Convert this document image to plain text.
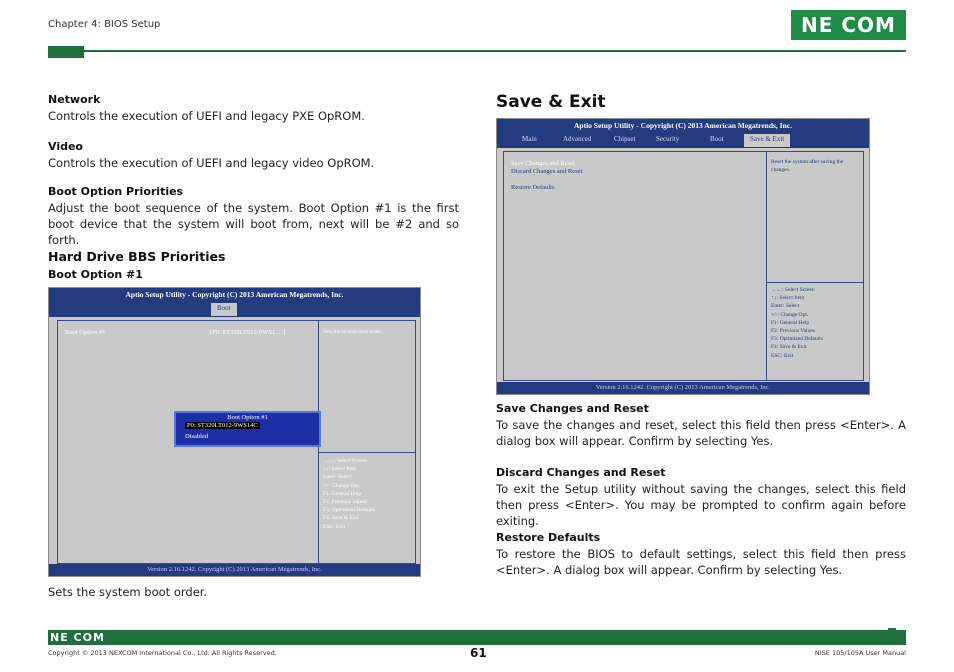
Chapter 4: BIOS Setup	NE COM
Network
Controls the execution of UEFI and legacy PXE OpROM.
Video
Controls the execution of UEFI and legacy video OpROM.
Boot Option Priorities
Adjust the boot sequence of the system. Boot Option #1 is the first boot device that the system will boot from, next will be #2 and so forth.
Hard Drive BBS Priorities
Boot Option #1
Aptio Setup Utility - Copyright (C) 2013 American Megatrends, Inc.
Boot
Boot Option #1	[P0: ST320LT012-9WS1. . .]	Sets the system boot order
→←: Select Screen
↑↓: Select Item
Enter: Select
+/-: Change Opt.
F1: General Help
F2: Previous Values
F3: Optimized Defaults
F4: Save & Exit
ESC: Exit
Boot Option #1
P0: ST320LT012-9WS14C
Disabled
Version 2.16.1242. Copyright (C) 2013 American Megatrends, Inc.
Sets the system boot order.
Save & Exit
Aptio Setup Utility - Copyright (C) 2013 American Megatrends, Inc.
Main	Advanced	Chipset	Security	Boot	Save & Exit
Save Changes and Reset
Discard Changes and Reset
Restore Defaults
Reset the system after saving the changes.
→←: Select Screen
↑↓: Select Item
Enter: Select
+/-: Change Opt.
F1: General Help
F2: Previous Values
F3: Optimized Defaults
F4: Save & Exit
ESC: Exit
Version 2.16.1242. Copyright (C) 2013 American Megatrends, Inc.
Save Changes and Reset
To save the changes and reset, select this field then press <Enter>. A dialog box will appear. Confirm by selecting Yes.
Discard Changes and Reset
To exit the Setup utility without saving the changes, select this field then press <Enter>. You may be prompted to confirm again before exiting.
Restore Defaults
To restore the BIOS to default settings, select this field then press <Enter>. A dialog box will appear. Confirm by selecting Yes.
NE COM
Copyright © 2013 NEXCOM International Co., Ltd. All Rights Reserved.	61	NISE 105/105A User Manual
